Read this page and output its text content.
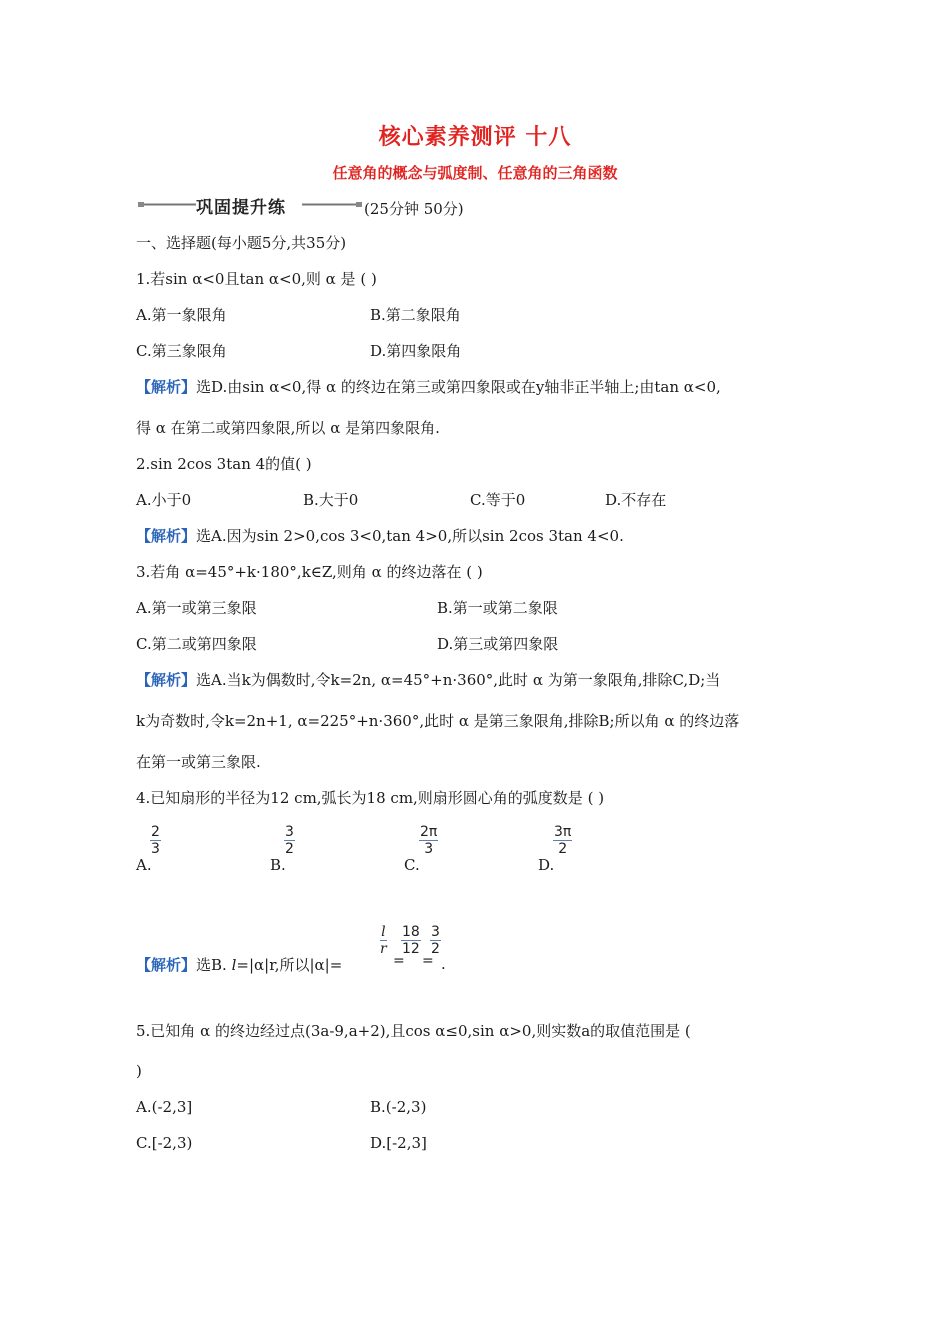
核心素养测评 十八
任意角的概念与弧度制、任意角的三角函数
巩固提升练	(25分钟 50分)
一、选择题(每小题5分,共35分)
1.若sin α<0且tan α<0,则 α 是 ( )
A.第一象限角	B.第二象限角
C.第三象限角	D.第四象限角
【解析】选D.由sin α<0,得 α 的终边在第三或第四象限或在y轴非正半轴上;由tan α<0,
得 α 在第二或第四象限,所以 α 是第四象限角.
2.sin 2cos 3tan 4的值( )
A.小于0	B.大于0	C.等于0	D.不存在
【解析】选A.因为sin 2>0,cos 3<0,tan 4>0,所以sin 2cos 3tan 4<0.
3.若角 α=45°+k·180°,k∈Z,则角 α 的终边落在 ( )
A.第一或第三象限	B.第一或第二象限
C.第二或第四象限	D.第三或第四象限
【解析】选A.当k为偶数时,令k=2n, α=45°+n·360°,此时 α 为第一象限角,排除C,D;当
k为奇数时,令k=2n+1, α=225°+n·360°,此时 α 是第三象限角,排除B;所以角 α 的终边落
在第一或第三象限.
4.已知扇形的半径为12 cm,弧长为18 cm,则扇形圆心角的弧度数是 ( )
A.
$\frac{2}{3}$
B.
$\frac{3}{2}$
C.
$\frac{2\pi}{3}$
D.
$\frac{3\pi}{2}$
【解析】选B. l=|α|r,所以|α|=
$\frac{l}{r}$
=
$\frac{18}{12}$
=
$\frac{3}{2}$
.
5.已知角 α 的终边经过点(3a-9,a+2),且cos α≤0,sin α>0,则实数a的取值范围是 (
)
A.(-2,3]	B.(-2,3)
C.[-2,3)	D.[-2,3]
